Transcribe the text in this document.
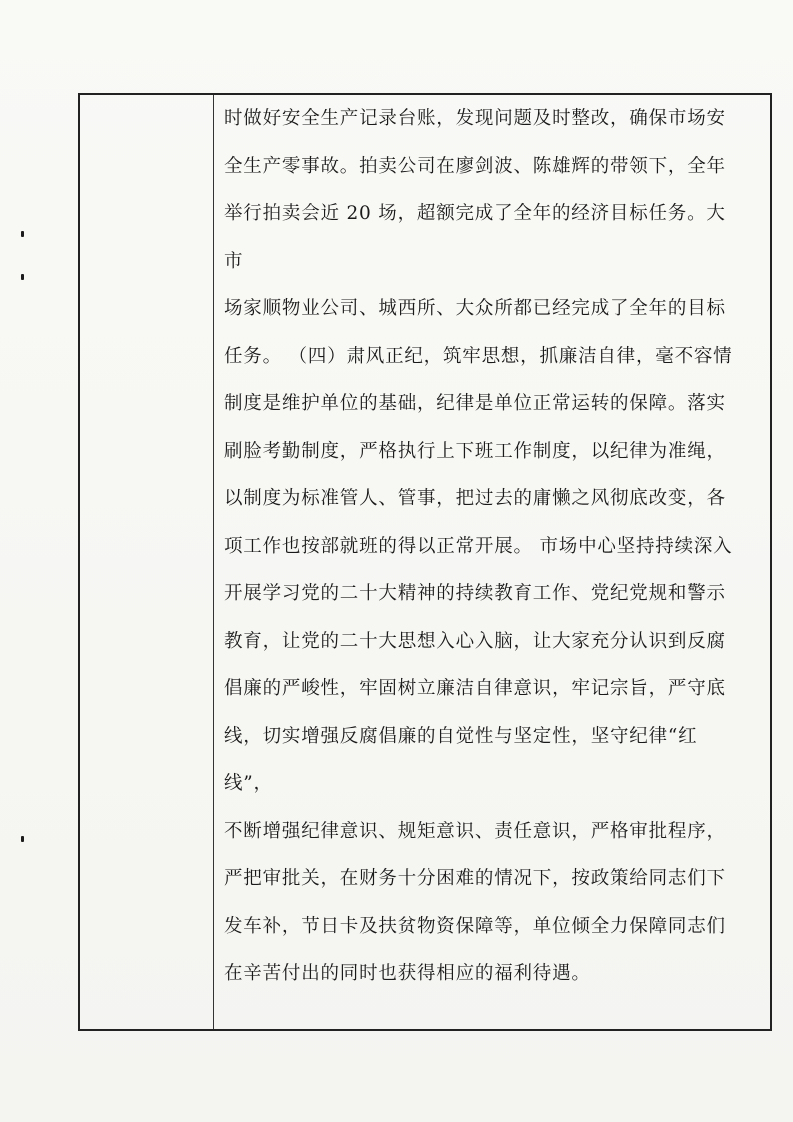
时做好安全生产记录台账，发现问题及时整改，确保市场安
全生产零事故。拍卖公司在廖剑波、陈雄辉的带领下，全年
举行拍卖会近 20 场，超额完成了全年的经济目标任务。大市
场家顺物业公司、城西所、大众所都已经完成了全年的目标
任务。 （四）肃风正纪，筑牢思想，抓廉洁自律，毫不容情
制度是维护单位的基础，纪律是单位正常运转的保障。落实
刷脸考勤制度，严格执行上下班工作制度，以纪律为准绳，
以制度为标准管人、管事，把过去的庸懒之风彻底改变，各
项工作也按部就班的得以正常开展。 市场中心坚持持续深入
开展学习党的二十大精神的持续教育工作、党纪党规和警示
教育，让党的二十大思想入心入脑，让大家充分认识到反腐
倡廉的严峻性，牢固树立廉洁自律意识，牢记宗旨，严守底
线，切实增强反腐倡廉的自觉性与坚定性，坚守纪律“红线”，
不断增强纪律意识、规矩意识、责任意识，严格审批程序，
严把审批关，在财务十分困难的情况下，按政策给同志们下
发车补，节日卡及扶贫物资保障等，单位倾全力保障同志们
在辛苦付出的同时也获得相应的福利待遇。
